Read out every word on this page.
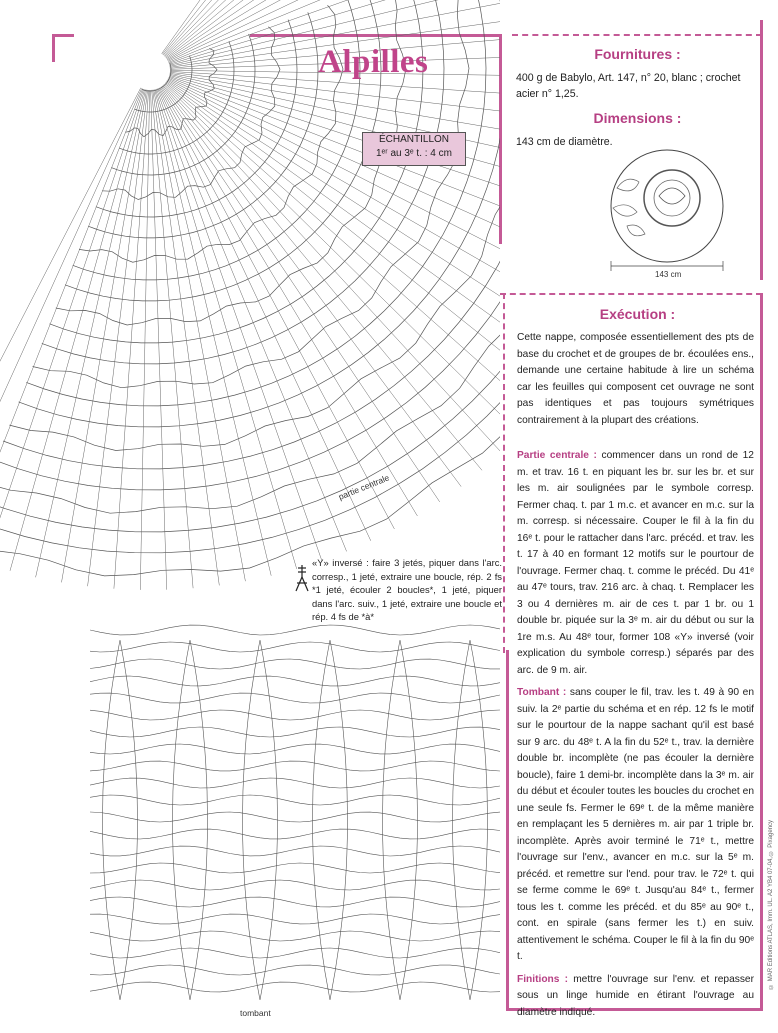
partie centrale
Alpilles
ÉCHANTILLON
1ᵉʳ au 3ᵉ t. : 4 cm
Fournitures :
400 g de Babylo, Art. 147, n° 20, blanc ; crochet acier n° 1,25.
Dimensions :
143 cm de diamètre.
143 cm
Exécution :
Cette nappe, composée essentiellement des pts de base du crochet et de groupes de br. écoulées ens., demande une certaine habitude à lire un schéma car les feuilles qui composent cet ouvrage ne sont pas identiques et pas toujours symétriques contrairement à la plupart des créations.
Partie centrale : commencer dans un rond de 12 m. et trav. 16 t. en piquant les br. sur les br. et sur les m. air soulignées par le symbole corresp. Fermer chaq. t. par 1 m.c. et avancer en m.c. sur la m. corresp. si nécessaire. Couper le fil à la fin du 16ᵉ t. pour le rattacher dans l'arc. précéd. et trav. les t. 17 à 40 en formant 12 motifs sur le pourtour de l'ouvrage. Fermer chaq. t. comme le précéd. Du 41ᵉ au 47ᵉ tours, trav. 216 arc. à chaq. t. Remplacer les 3 ou 4 dernières m. air de ces t. par 1 br. ou 1 double br. piquée sur la 3ᵉ m. air du début ou sur la 1re m.s. Au 48ᵉ tour, former 108 «Y» inversé (voir explication du symbole corresp.) séparés par des arc. de 9 m. air.
Tombant : sans couper le fil, trav. les t. 49 à 90 en suiv. la 2ᵉ partie du schéma et en rép. 12 fs le motif sur le pourtour de la nappe sachant qu'il est basé sur 9 arc. du 48ᵉ t. A la fin du 52ᵉ t., trav. la dernière double br. incomplète (ne pas écouler la dernière boucle), faire 1 demi-br. incomplète dans la 3ᵉ m. air du début et écouler toutes les boucles du crochet en une seule fs. Fermer le 69ᵉ t. de la même manière en remplaçant les 5 dernières m. air par 1 triple br. incomplète. Après avoir terminé le 71ᵉ t., mettre l'ouvrage sur l'env., avancer en m.c. sur la 5ᵉ m. précéd. et remettre sur l'end. pour trav. le 72ᵉ t. qui se ferme comme le 69ᵉ t. Jusqu'au 84ᵉ t., fermer tous les t. comme les précéd. et du 85ᵉ au 90ᵉ t., cont. en spirale (sans fermer les t.) en suiv. attentivement le schéma. Couper le fil à la fin du 90ᵉ t.
Finitions : mettre l'ouvrage sur l'env. et repasser sous un linge humide en étirant l'ouvrage au diamètre indiqué.
«Y» inversé : faire 3 jetés, piquer dans l'arc. corresp., 1 jeté, extraire une boucle, rép. 2 fs *1 jeté, écouler 2 boucles*, 1 jeté, piquer dans l'arc. suiv., 1 jeté, extraire une boucle et rép. 4 fs de *à*
tombant
© MAR Éditions ATLAS, Imm. UL. A2 YB4 07-04, © Pixagency
